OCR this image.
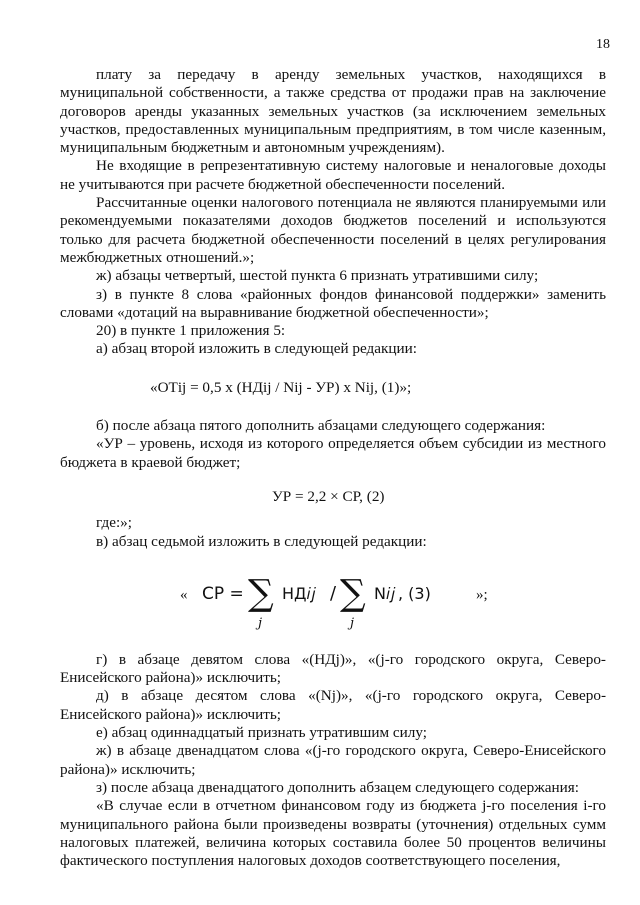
18

плату за передачу в аренду земельных участков, находящихся в муниципальной собственности, а также средства от продажи прав на заключение договоров аренды указанных земельных участков (за исключением земельных участков, предоставленных муниципальным предприятиям, в том числе казенным, муниципальным бюджетным и автономным учреждениям).

Не входящие в репрезентативную систему налоговые и неналоговые доходы не учитываются при расчете бюджетной обеспеченности поселений.

Рассчитанные оценки налогового потенциала не являются планируемыми или рекомендуемыми показателями доходов бюджетов поселений и используются только для расчета бюджетной обеспеченности поселений в целях регулирования межбюджетных отношений.»;

ж) абзацы четвертый, шестой пункта 6 признать утратившими силу;

з) в пункте 8 слова «районных фондов финансовой поддержки» заменить словами «дотаций на выравнивание бюджетной обеспеченности»;

20) в пункте 1 приложения 5:

а) абзац второй изложить в следующей редакции:

«ОТij = 0,5 x (НДij / Nij - УР) x Nij, (1)»;

б) после абзаца пятого дополнить абзацами следующего содержания:

«УР – уровень, исходя из которого определяется объем субсидии из местного бюджета в краевой бюджет;

УР = 2,2 × СР, (2)

где:»;

в) абзац седьмой изложить в следующей редакции:

« СР = ∑
j
НД𝑖𝑗 / ∑
j
N𝑖𝑗 , (3)	»;

г) в абзаце девятом слова «(НДj)», «(j-го городского округа, Северо-Енисейского района)» исключить;

д) в абзаце десятом слова «(Nj)», «(j-го городского округа, Северо-Енисейского района)» исключить;

е) абзац одиннадцатый признать утратившим силу;

ж) в абзаце двенадцатом слова «(j-го городского округа, Северо-Енисейского района)» исключить;

з) после абзаца двенадцатого дополнить абзацем следующего содержания:

«В случае если в отчетном финансовом году из бюджета j-го поселения i-го муниципального района были произведены возвраты (уточнения) отдельных сумм налоговых платежей, величина которых составила более 50 процентов величины фактического поступления налоговых доходов соответствующего поселения,
